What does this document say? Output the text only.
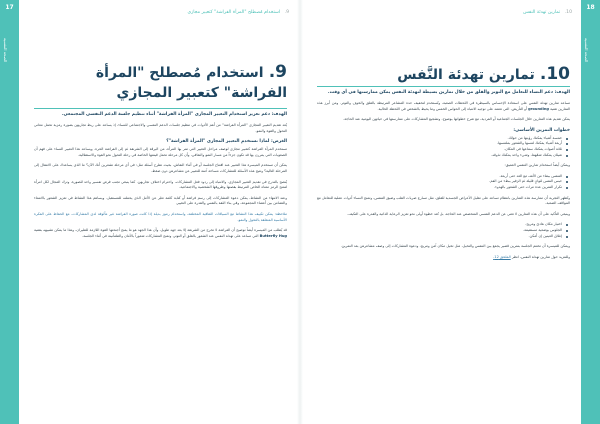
17
الصحة النفسية
9. استخدام مُصطلح "المرأة الفراشة" كتعبير مجازي
9. استخدام مُصطلح "المرأة الفراشة" كتعبير المجازي

الهدف: دعم تعزيز استخدام التعبير المجازي "المرأة الفراشة" أثناء تنظيم جلسة الدعم النفسي المجتمعي.

يُعد تقديم التعبير المجازي "المرأة الفراشة" من أهم الأدوات في تنظيم جلسات الدعم النفسي والاجتماعي للنساء، إذ يساعد على ربط تجاربهن بصورة رمزية تحمل معاني التحول والقوة والنمو.

الغرض: لماذا نستخدم التعبير المجازي "المرأة الفراشة"؟

تستخدم المرأة الفراشة كتعبير مجازي لوصف مراحل التغيير التي تمر بها المرأة، من اليرقة إلى الشرنقة ثم إلى الفراشة الحرة. ويساعد هذا التعبير النساء على فهم أن الصعوبات التي يمررن بها قد تكون جزءاً من مسار النمو والتعافي، وأن كل مرحلة تحمل قيمتها الخاصة في رحلة التحول نحو القوة والاستقلالية.

يمكن أن تستخدم الميسرة هذا التعبير عند افتتاح الجلسة أو في أثناء النقاش، بحيث تطرح أسئلة مثل: في أي مرحلة تشعرين أنك الآن؟ ما الذي يساعدك على الانتقال إلى المرحلة التالية؟ وتتيح هذه الأسئلة للمشاركات مساحة آمنة للتعبير عن مشاعرهن دون ضغط.

يُنصح بالتدرج في تقديم التعبير المجازي، والانتباه إلى ردود فعل المشاركات، واحترام اختلاف تجاربهن. كما ينبغي تجنب فرض تفسير واحد للصورة، وترك المجال لكل امرأة لتمنح الرمز معناه الخاص المرتبط بقصتها وظروفها الشخصية والاجتماعية.

وعند الانتهاء من النشاط، يمكن دعوة المشاركات إلى رسم فراشة أو كتابة كلمة تعبّر عن الأمل الذي يحملنه للمستقبل. ويساهم هذا النشاط في تعزيز الشعور بالانتماء والتضامن بين أعضاء المجموعة، وفي بناء الثقة بالنفس والقدرة على التغيير.

ملاحظة: يمكن تكييف هذا النشاط مع السياقات الثقافية المختلفة، واستخدام رموز بديلة إذا كانت صورة الفراشة غير مألوفة لدى المشاركات، مع الحفاظ على الفكرة الأساسية المتعلقة بالتحول والنمو.

قد يُطلب من الميسرة أيضاً توضيح أن الفراشة لا تخرج من الشرنقة إلا بعد جهد طويل، وأن هذا الجهد هو ما يمنح أجنحتها القوة اللازمة للطيران، وهذا ما يمكن تشبيهه بتقنية Butterfly Hug التي تساعد على تهدئة النفس عند الشعور بالقلق أو التوتر، وتمنح المشاركات شعوراً بالأمان والطمأنينة في أثناء الجلسة.

10. تمارين تهدئة النفس
10. تمارين تهدئة النَّفس

الهدف: دعم النساء للتعامل مع التوتر والقلق من خلال تمارين بسيطة لتهدئة النفس يمكن ممارستها في أي وقت.

تساعد تمارين تهدئة النفس على استعادة الإحساس بالسيطرة في اللحظات الصعبة، وتُستخدم لتخفيف حدة المشاعر المرتبطة بالقلق والخوف والتوتر. ومن أبرز هذه التمارين تقنية grounding أو التأريض، التي تعتمد على توجيه الانتباه إلى الحواس الخمس وما يحيط بالشخص في اللحظة الحالية.

يمكن تقديم هذه التمارين خلال الجلسات الجماعية أو الفردية، مع شرح خطواتها بوضوح، وتشجيع المشاركات على ممارستها في حياتهن اليومية عند الحاجة.

خطوات التمرين الأساسي:

خمسة أشياء يمكنك رؤيتها من حولك.
أربعة أشياء يمكنك لمسها والشعور بملمسها.
ثلاثة أصوات يمكنك سماعها في المكان.
شيئان يمكنك شمّهما، وشيء واحد يمكنك تذوقه.

ويمكن أيضاً استخدام تمارين التنفس العميق:

التنفس ببطء من الأنف مع العد حتى أربعة.
حبس النفس لثوانٍ قليلة ثم الزفير ببطء من الفم.
تكرار التمرين عدة مرات حتى الشعور بالهدوء.

وتُظهر التجربة أن ممارسة هذه التمارين بانتظام تساعد على تقليل الأعراض الجسدية للقلق، مثل تسارع ضربات القلب وضيق التنفس، وتمنح النساء أدوات عملية للتعامل مع المواقف الصعبة.

وينبغي التأكيد على أن هذه التمارين لا تغني عن الدعم النفسي المتخصص عند الحاجة، بل تُعد خطوة أولى نحو تعزيز الرعاية الذاتية والقدرة على التكيف.

اختيار مكان هادئ ومريح.
الجلوس بوضعية مستقيمة.
إغلاق العينين إن أمكن.

ويمكن للميسرة أن تختتم الجلسة بتمرين قصير يجمع بين التنفس والتخيل، مثل تخيل مكان آمن ومريح، ودعوة المشاركات إلى وصف مشاعرهن بعد التمرين.

وللمزيد حول تمارين تهدئة النفس، انظر الملحق 12.

18
الصحة النفسية
